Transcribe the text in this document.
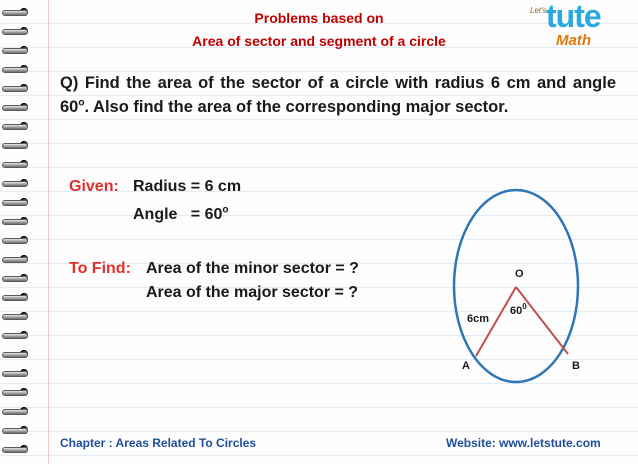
Problems based on
Area of sector and segment of a circle
Let's tute
Math
Q) Find the area of the sector of a circle with radius 6 cm and angle 60$^o$. Also find the area of the corresponding major sector.
Given: Radius = 6 cm
Angle   = $60^o$
To Find: Area of the minor sector = ?
Area of the major sector = ?
O
$60^0$
6cm
A	B
Chapter : Areas Related To Circles	Website: www.letstute.com
